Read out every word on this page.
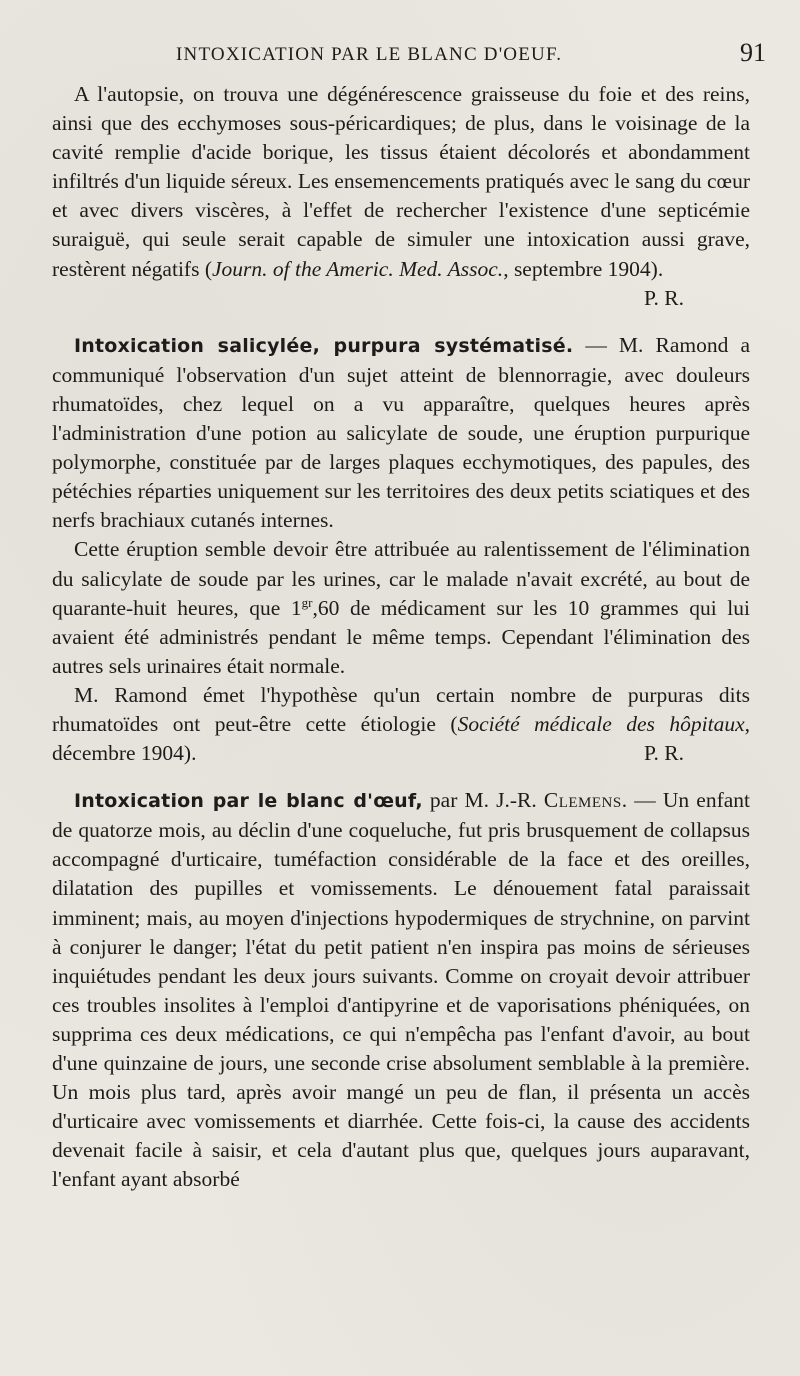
INTOXICATION PAR LE BLANC D'OEUF.	91

A l'autopsie, on trouva une dégénérescence graisseuse du foie et des reins, ainsi que des ecchymoses sous-péricardiques; de plus, dans le voisinage de la cavité remplie d'acide borique, les tissus étaient décolorés et abondamment infiltrés d'un liquide séreux. Les ensemencements pratiqués avec le sang du cœur et avec divers viscères, à l'effet de rechercher l'existence d'une septicémie suraiguë, qui seule serait capable de simuler une intoxication aussi grave, restèrent négatifs (Journ. of the Americ. Med. Assoc., septembre 1904).
P. R.

Intoxication salicylée, purpura systématisé. — M. Ramond a communiqué l'observation d'un sujet atteint de blennorragie, avec douleurs rhumatoïdes, chez lequel on a vu apparaître, quelques heures après l'administration d'une potion au salicylate de soude, une éruption purpurique polymorphe, constituée par de larges plaques ecchymotiques, des papules, des pétéchies réparties uniquement sur les territoires des deux petits sciatiques et des nerfs brachiaux cutanés internes.

Cette éruption semble devoir être attribuée au ralentissement de l'élimination du salicylate de soude par les urines, car le malade n'avait excrété, au bout de quarante-huit heures, que $1^{gr},60$ de médicament sur les 10 grammes qui lui avaient été administrés pendant le même temps. Cependant l'élimination des autres sels urinaires était normale.

M. Ramond émet l'hypothèse qu'un certain nombre de purpuras dits rhumatoïdes ont peut-être cette étiologie (Société médicale des hôpitaux, décembre 1904).	P. R.

Intoxication par le blanc d'œuf, par M. J.-R. Clemens. — Un enfant de quatorze mois, au déclin d'une coqueluche, fut pris brusquement de collapsus accompagné d'urticaire, tuméfaction considérable de la face et des oreilles, dilatation des pupilles et vomissements. Le dénouement fatal paraissait imminent; mais, au moyen d'injections hypodermiques de strychnine, on parvint à conjurer le danger; l'état du petit patient n'en inspira pas moins de sérieuses inquiétudes pendant les deux jours suivants. Comme on croyait devoir attribuer ces troubles insolites à l'emploi d'antipyrine et de vaporisations phéniquées, on supprima ces deux médications, ce qui n'empêcha pas l'enfant d'avoir, au bout d'une quinzaine de jours, une seconde crise absolument semblable à la première. Un mois plus tard, après avoir mangé un peu de flan, il présenta un accès d'urticaire avec vomissements et diarrhée. Cette fois-ci, la cause des accidents devenait facile à saisir, et cela d'autant plus que, quelques jours auparavant, l'enfant ayant absorbé
